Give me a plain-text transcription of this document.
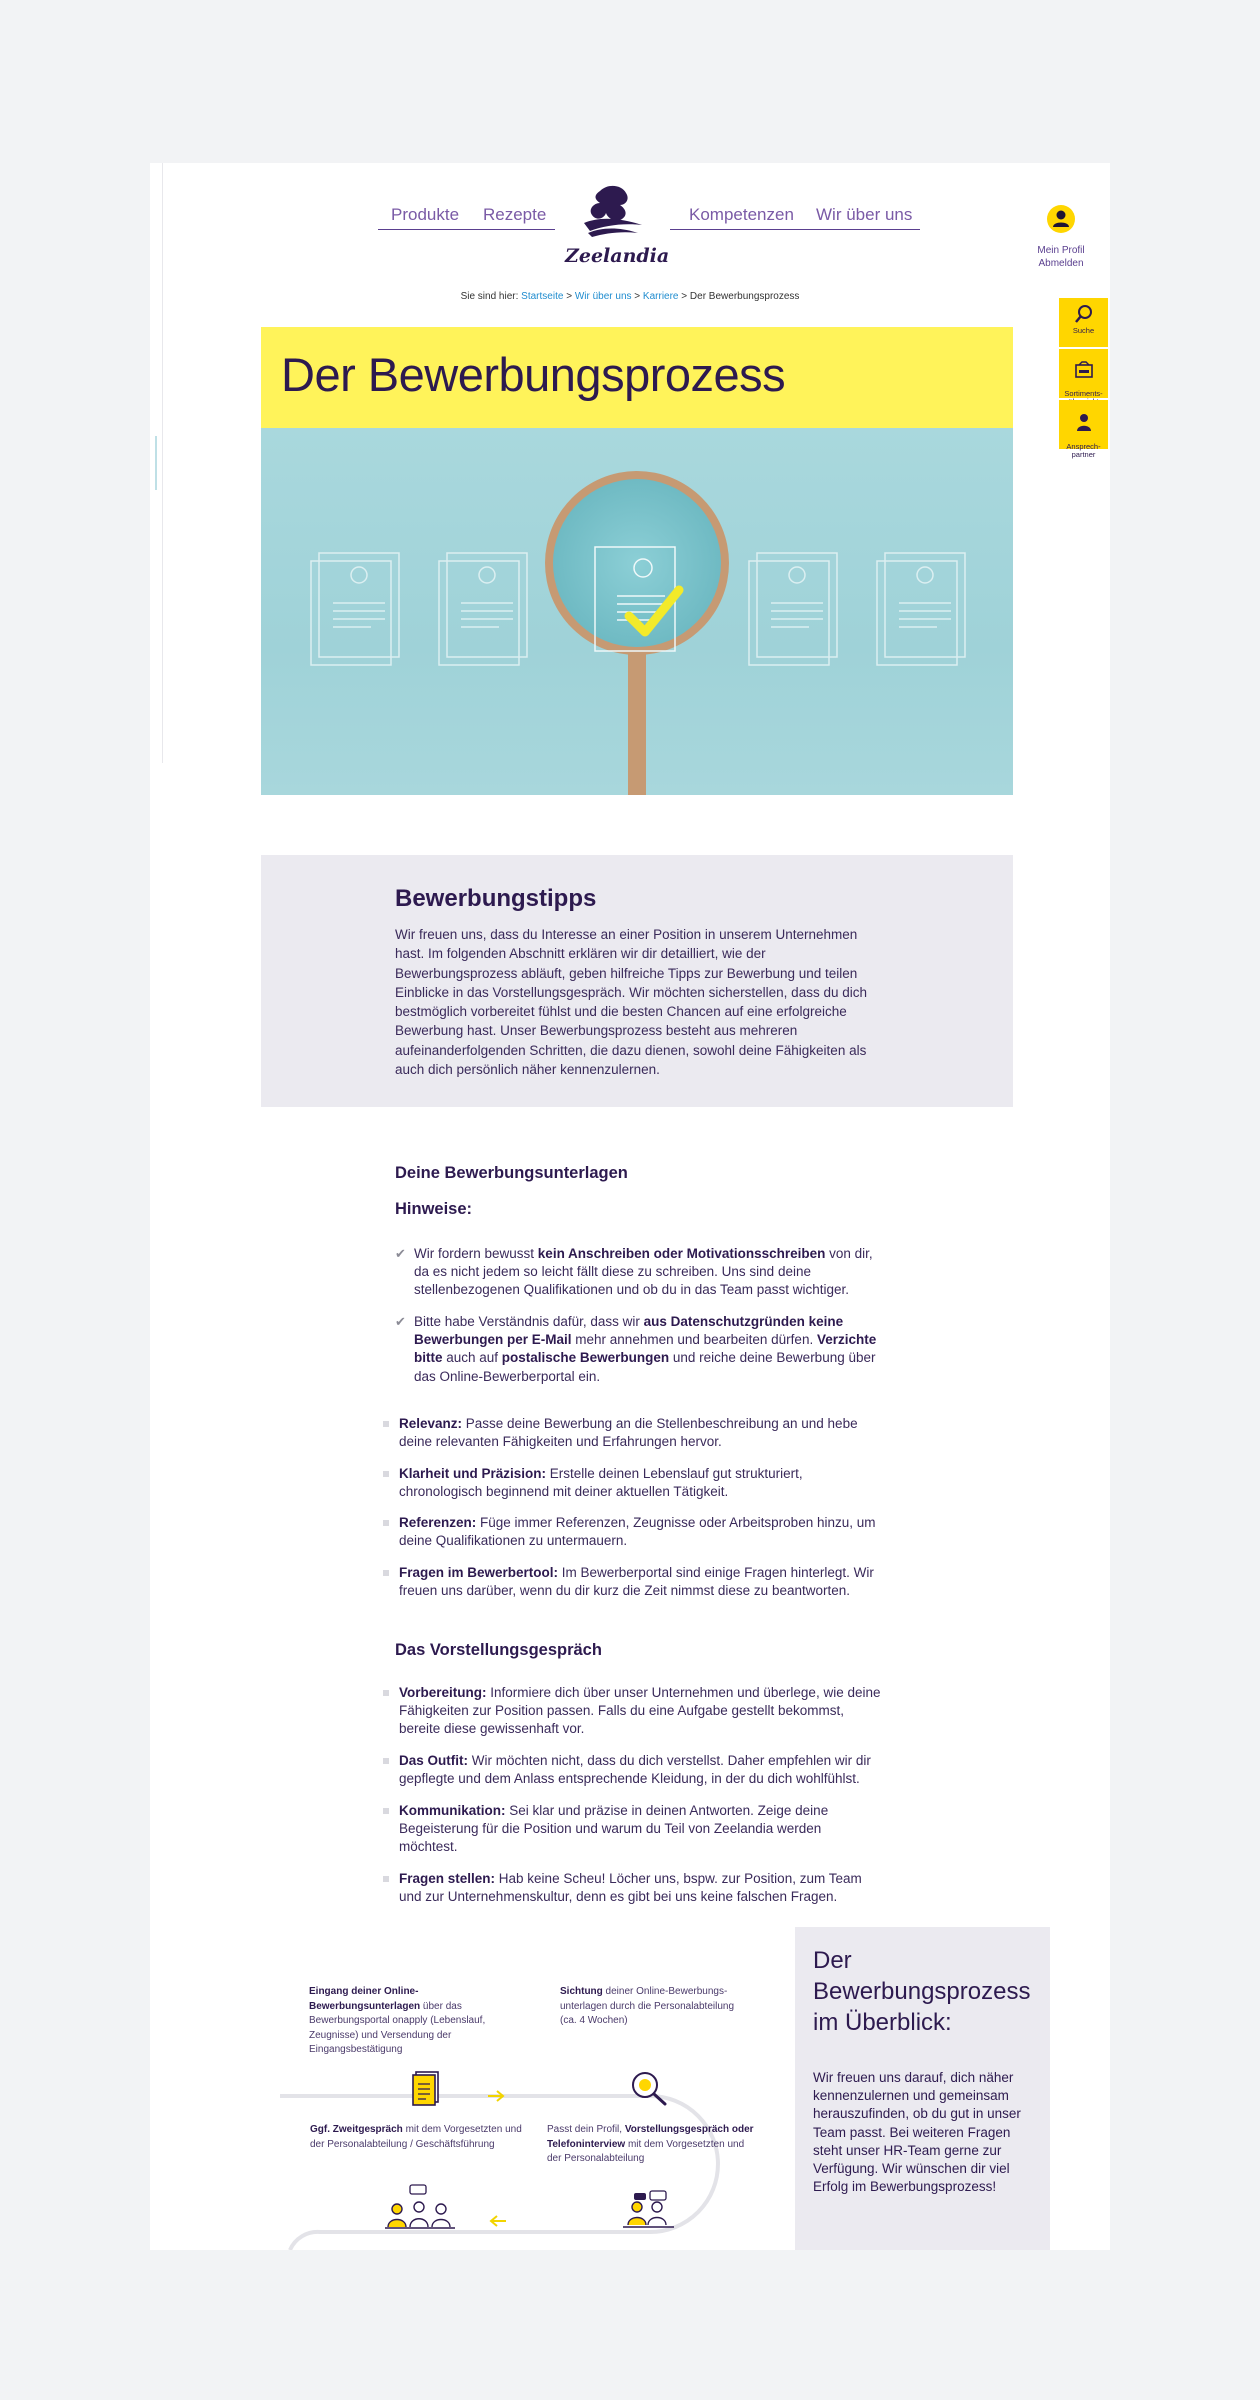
Produkte Rezepte	Kompetenzen Wir über uns
Zeelandia	Mein Profil
Abmelden
Suche

Sortiments-

Ansprech-
partner

Sie sind hier: Startseite > Wir über uns > Karriere > Der Bewerbungsprozess
Der Bewerbungsprozess
Bewerbungstipps

Wir freuen uns, dass du Interesse an einer Position in unserem Unternehmen hast. Im folgenden Abschnitt erklären wir dir detailliert, wie der Bewerbungsprozess abläuft, geben hilfreiche Tipps zur Bewerbung und teilen Einblicke in das Vorstellungsgespräch. Wir möchten sicherstellen, dass du dich bestmöglich vorbereitet fühlst und die besten Chancen auf eine erfolgreiche Bewerbung hast. Unser Bewerbungsprozess besteht aus mehreren aufeinanderfolgenden Schritten, die dazu dienen, sowohl deine Fähigkeiten als auch dich persönlich näher kennenzulernen.

Deine Bewerbungsunterlagen
Hinweise:
✔ Wir fordern bewusst kein Anschreiben oder Motivationsschreiben von dir, da es nicht jedem so leicht fällt diese zu schreiben. Uns sind deine stellenbezogenen Qualifikationen und ob du in das Team passt wichtiger.
✔ Bitte habe Verständnis dafür, dass wir aus Datenschutzgründen keine Bewerbungen per E-Mail mehr annehmen und bearbeiten dürfen. Verzichte bitte auch auf postalische Bewerbungen und reiche deine Bewerbung über das Online-Bewerberportal ein.
Relevanz: Passe deine Bewerbung an die Stellenbeschreibung an und hebe deine relevanten Fähigkeiten und Erfahrungen hervor.
Klarheit und Präzision: Erstelle deinen Lebenslauf gut strukturiert, chronologisch beginnend mit deiner aktuellen Tätigkeit.
Referenzen: Füge immer Referenzen, Zeugnisse oder Arbeitsproben hinzu, um deine Qualifikationen zu untermauern.
Fragen im Bewerbertool: Im Bewerberportal sind einige Fragen hinterlegt. Wir freuen uns darüber, wenn du dir kurz die Zeit nimmst diese zu beantworten.
Das Vorstellungsgespräch
Vorbereitung: Informiere dich über unser Unternehmen und überlege, wie deine Fähigkeiten zur Position passen. Falls du eine Aufgabe gestellt bekommst, bereite diese gewissenhaft vor.
Das Outfit: Wir möchten nicht, dass du dich verstellst. Daher empfehlen wir dir gepflegte und dem Anlass entsprechende Kleidung, in der du dich wohlfühlst.
Kommunikation: Sei klar und präzise in deinen Antworten. Zeige deine Begeisterung für die Position und warum du Teil von Zeelandia werden möchtest.
Fragen stellen: Hab keine Scheu! Löcher uns, bspw. zur Position, zum Team und zur Unternehmenskultur, denn es gibt bei uns keine falschen Fragen.
Eingang deiner Online-Bewerbungsunterlagen über das Bewerbungsportal onapply (Lebenslauf, Zeugnisse) und Versendung der Eingangsbestätigung
Sichtung deiner Online-Bewerbungs-unterlagen durch die Personalabteilung (ca. 4 Wochen)
Ggf. Zweitgespräch mit dem Vorgesetzten und der Personalabteilung / Geschäftsführung
Passt dein Profil, Vorstellungsgespräch oder Telefoninterview mit dem Vorgesetzten und der Personalabteilung
Der Bewerbungsprozess im Überblick:
Wir freuen uns darauf, dich näher kennenzulernen und gemeinsam herauszufinden, ob du gut in unser Team passt. Bei weiteren Fragen steht unser HR-Team gerne zur Verfügung. Wir wünschen dir viel Erfolg im Bewerbungsprozess!
